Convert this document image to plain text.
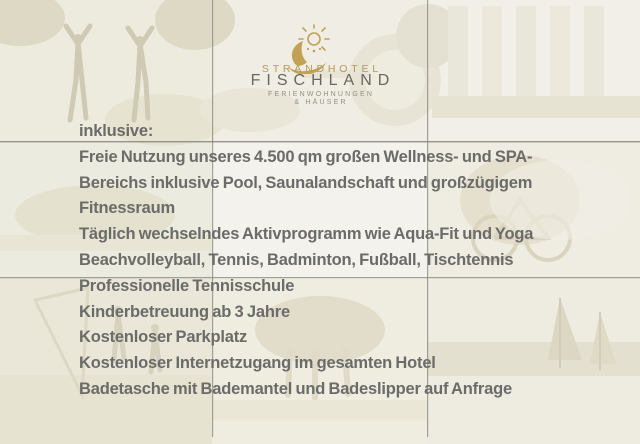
STRANDHOTEL
FISCHLAND
FERIENWOHNUNGEN
& HÄUSER
inklusive:
Freie Nutzung unseres 4.500 qm großen Wellness- und SPA-
Bereichs inklusive Pool, Saunalandschaft und großzügigem
Fitnessraum
Täglich wechselndes Aktivprogramm wie Aqua-Fit und Yoga
Beachvolleyball, Tennis, Badminton, Fußball, Tischtennis
Professionelle Tennisschule
Kinderbetreuung ab 3 Jahre
Kostenloser Parkplatz
Kostenloser Internetzugang im gesamten Hotel
Badetasche mit Bademantel und Badeslipper auf Anfrage
